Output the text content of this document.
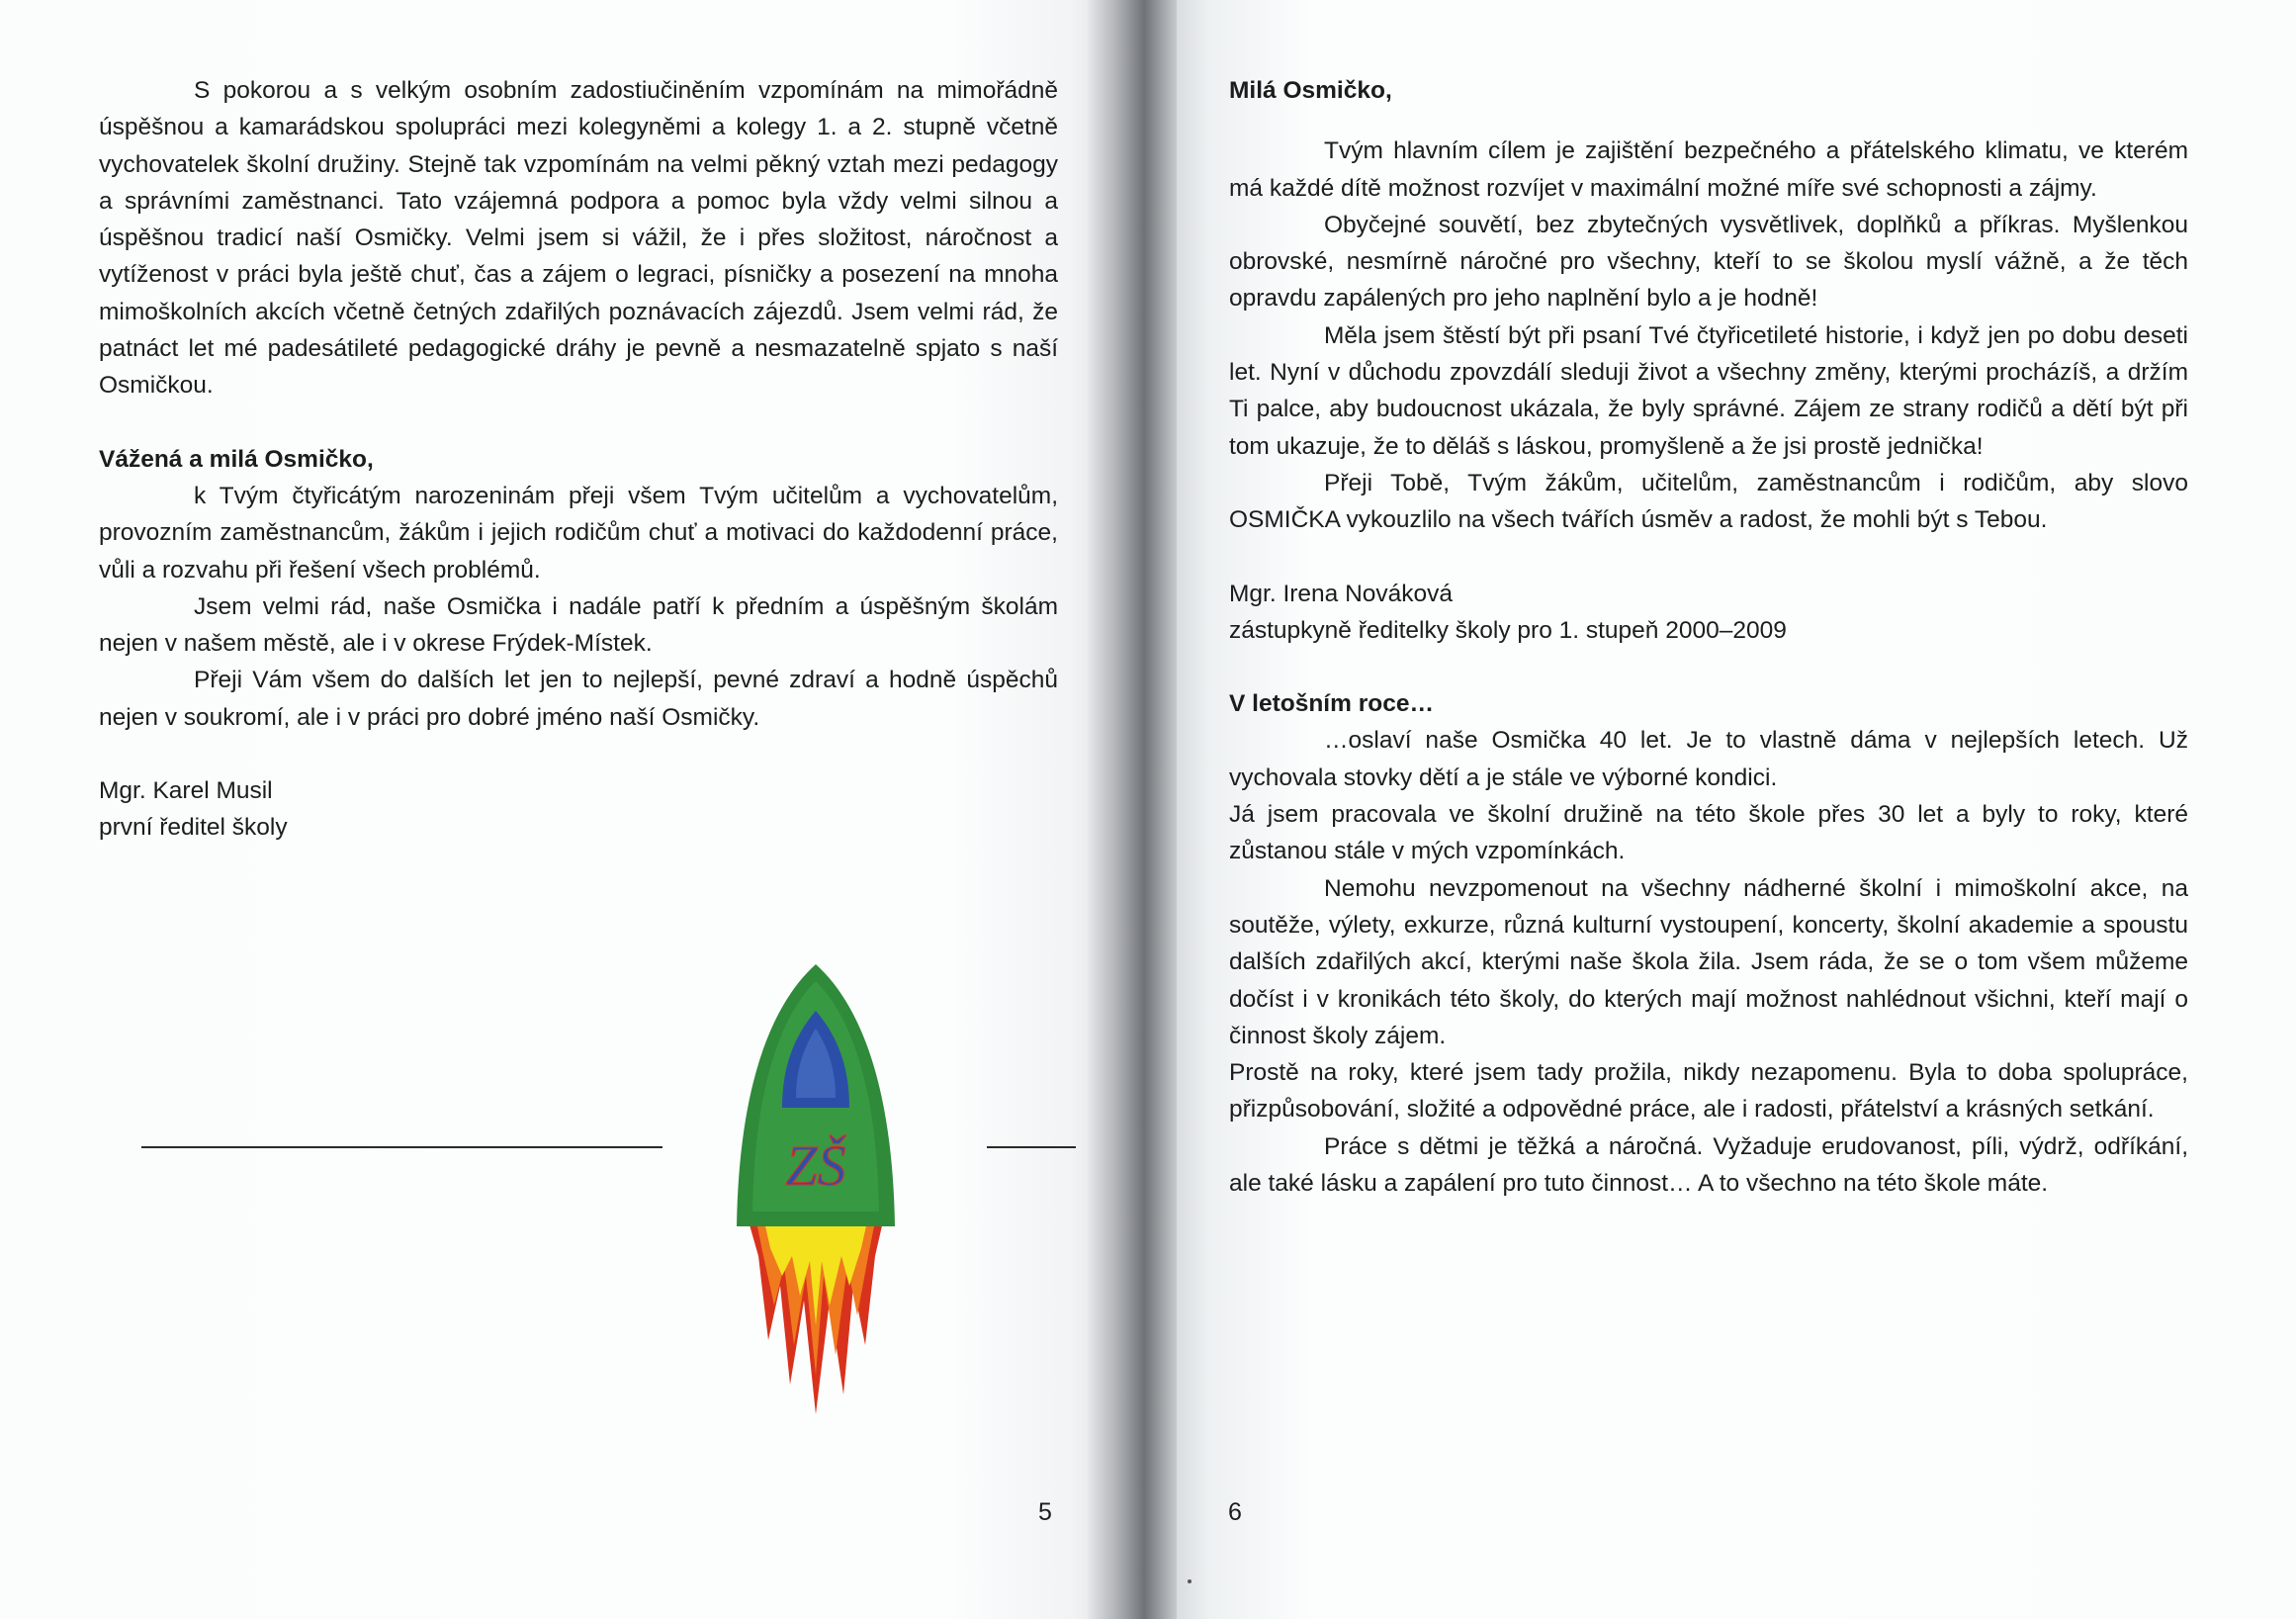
S pokorou a s velkým osobním zadostiučiněním vzpomínám na mimořádně úspěšnou a kamarádskou spolupráci mezi kolegyněmi a kolegy 1. a 2. stupně včetně vychovatelek školní družiny. Stejně tak vzpomínám na velmi pěkný vztah mezi pedagogy a správními zaměstnanci. Tato vzájemná podpora a pomoc byla vždy velmi silnou a úspěšnou tradicí naší Osmičky. Velmi jsem si vážil, že i přes složitost, náročnost a vytíženost v práci byla ještě chuť, čas a zájem o legraci, písničky a posezení na mnoha mimoškolních akcích včetně četných zdařilých poznávacích zájezdů. Jsem velmi rád, že patnáct let mé padesátileté pedagogické dráhy je pevně a nesmazatelně spjato s naší Osmičkou.

Vážená a milá Osmičko,

k Tvým čtyřicátým narozeninám přeji všem Tvým učitelům a vychovatelům, provozním zaměstnancům, žákům i jejich rodičům chuť a motivaci do každodenní práce, vůli a rozvahu při řešení všech problémů.

Jsem velmi rád, naše Osmička i nadále patří k předním a úspěšným školám nejen v našem městě, ale i v okrese Frýdek-Místek.

Přeji Vám všem do dalších let jen to nejlepší, pevné zdraví a hodně úspěchů nejen v soukromí, ale i v práci pro dobré jméno naší Osmičky.

Mgr. Karel Musil

první ředitel školy

ZŠ
5

Milá Osmičko,

Tvým hlavním cílem je zajištění bezpečného a přátelského klimatu, ve kterém má každé dítě možnost rozvíjet v maximální možné míře své schopnosti a zájmy.

Obyčejné souvětí, bez zbytečných vysvětlivek, doplňků a příkras. Myšlenkou obrovské, nesmírně náročné pro všechny, kteří to se školou myslí vážně, a že těch opravdu zapálených pro jeho naplnění bylo a je hodně!

Měla jsem štěstí být při psaní Tvé čtyřicetileté historie, i když jen po dobu deseti let. Nyní v důchodu zpovzdálí sleduji život a všechny změny, kterými procházíš, a držím Ti palce, aby budoucnost ukázala, že byly správné. Zájem ze strany rodičů a dětí být při tom ukazuje, že to děláš s láskou, promyšleně a že jsi prostě jednička!

Přeji Tobě, Tvým žákům, učitelům, zaměstnancům i rodičům, aby slovo OSMIČKA vykouzlilo na všech tvářích úsměv a radost, že mohli být s Tebou.

Mgr. Irena Nováková

zástupkyně ředitelky školy pro 1. stupeň 2000–2009

V letošním roce…

…oslaví naše Osmička 40 let. Je to vlastně dáma v nejlepších letech. Už vychovala stovky dětí a je stále ve výborné kondici.

Já jsem pracovala ve školní družině na této škole přes 30 let a byly to roky, které zůstanou stále v mých vzpomínkách.

Nemohu nevzpomenout na všechny nádherné školní i mimoškolní akce, na soutěže, výlety, exkurze, různá kulturní vystoupení, koncerty, školní akademie a spoustu dalších zdařilých akcí, kterými naše škola žila. Jsem ráda, že se o tom všem můžeme dočíst i v kronikách této školy, do kterých mají možnost nahlédnout všichni, kteří mají o činnost školy zájem.

Prostě na roky, které jsem tady prožila, nikdy nezapomenu. Byla to doba spolupráce, přizpůsobování, složité a odpovědné práce, ale i radosti, přátelství a krásných setkání.

Práce s dětmi je těžká a náročná. Vyžaduje erudovanost, píli, výdrž, odříkání, ale také lásku a zapálení pro tuto činnost… A to všechno na této škole máte.

6
